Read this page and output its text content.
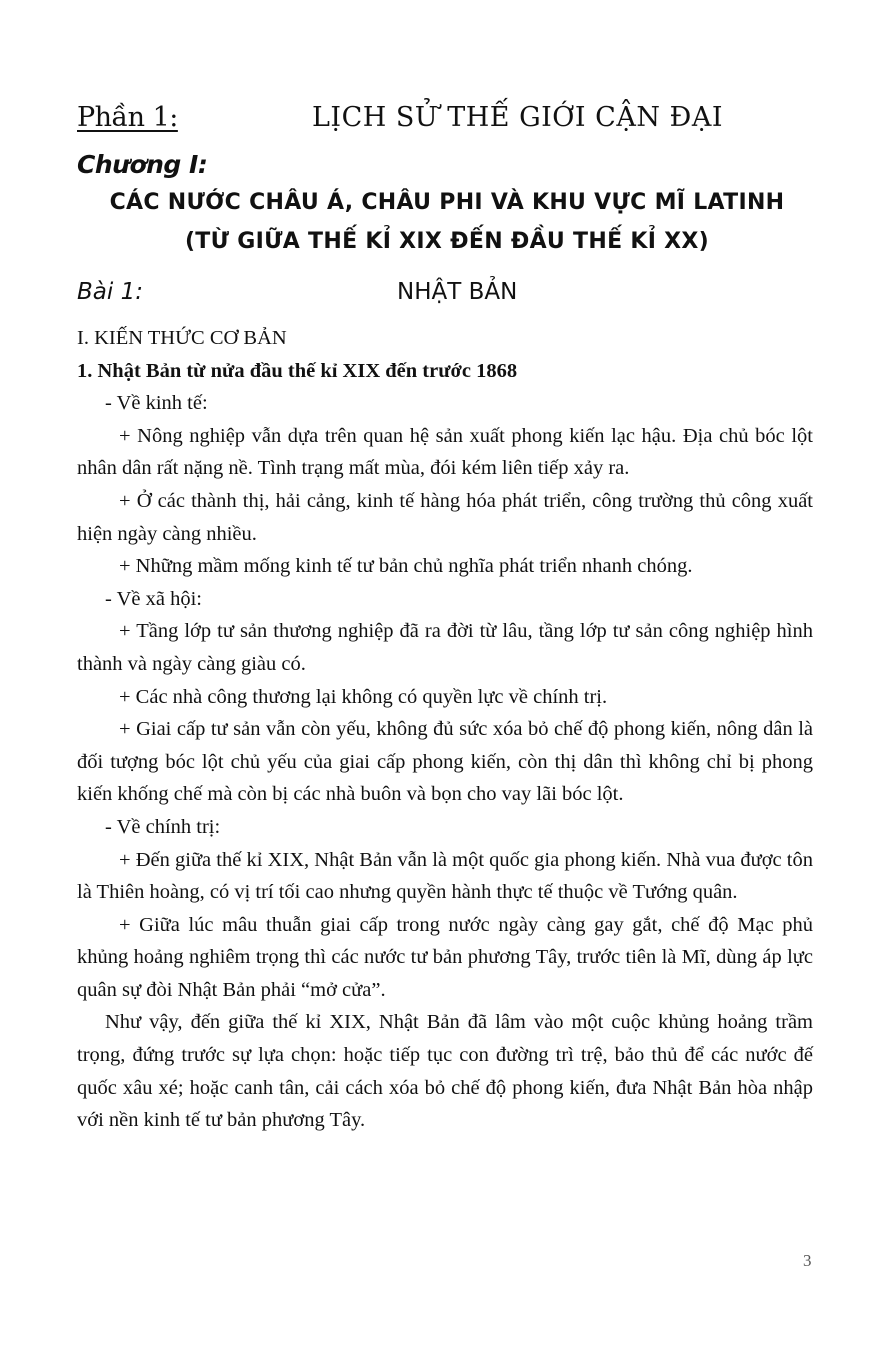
Phần 1:	LỊCH SỬ THẾ GIỚI CẬN ĐẠI
Chương I:
CÁC NƯỚC CHÂU Á, CHÂU PHI VÀ KHU VỰC MĨ LATINH
(TỪ GIỮA THẾ KỈ XIX ĐẾN ĐẦU THẾ KỈ XX)
Bài 1:	NHẬT BẢN

I. KIẾN THỨC CƠ BẢN

1. Nhật Bản từ nửa đầu thế kỉ XIX đến trước 1868

- Về kinh tế:

+ Nông nghiệp vẫn dựa trên quan hệ sản xuất phong kiến lạc hậu. Địa chủ bóc lột nhân dân rất nặng nề. Tình trạng mất mùa, đói kém liên tiếp xảy ra.

+ Ở các thành thị, hải cảng, kinh tế hàng hóa phát triển, công trường thủ công xuất hiện ngày càng nhiều.

+ Những mầm mống kinh tế tư bản chủ nghĩa phát triển nhanh chóng.

- Về xã hội:

+ Tầng lớp tư sản thương nghiệp đã ra đời từ lâu, tầng lớp tư sản công nghiệp hình thành và ngày càng giàu có.

+ Các nhà công thương lại không có quyền lực về chính trị.

+ Giai cấp tư sản vẫn còn yếu, không đủ sức xóa bỏ chế độ phong kiến, nông dân là đối tượng bóc lột chủ yếu của giai cấp phong kiến, còn thị dân thì không chỉ bị phong kiến khống chế mà còn bị các nhà buôn và bọn cho vay lãi bóc lột.

- Về chính trị:

+ Đến giữa thế kỉ XIX, Nhật Bản vẫn là một quốc gia phong kiến. Nhà vua được tôn là Thiên hoàng, có vị trí tối cao nhưng quyền hành thực tế thuộc về Tướng quân.

+ Giữa lúc mâu thuẫn giai cấp trong nước ngày càng gay gắt, chế độ Mạc phủ khủng hoảng nghiêm trọng thì các nước tư bản phương Tây, trước tiên là Mĩ, dùng áp lực quân sự đòi Nhật Bản phải “mở cửa”.

Như vậy, đến giữa thế kỉ XIX, Nhật Bản đã lâm vào một cuộc khủng hoảng trầm trọng, đứng trước sự lựa chọn: hoặc tiếp tục con đường trì trệ, bảo thủ để các nước đế quốc xâu xé; hoặc canh tân, cải cách xóa bỏ chế độ phong kiến, đưa Nhật Bản hòa nhập với nền kinh tế tư bản phương Tây.

3
